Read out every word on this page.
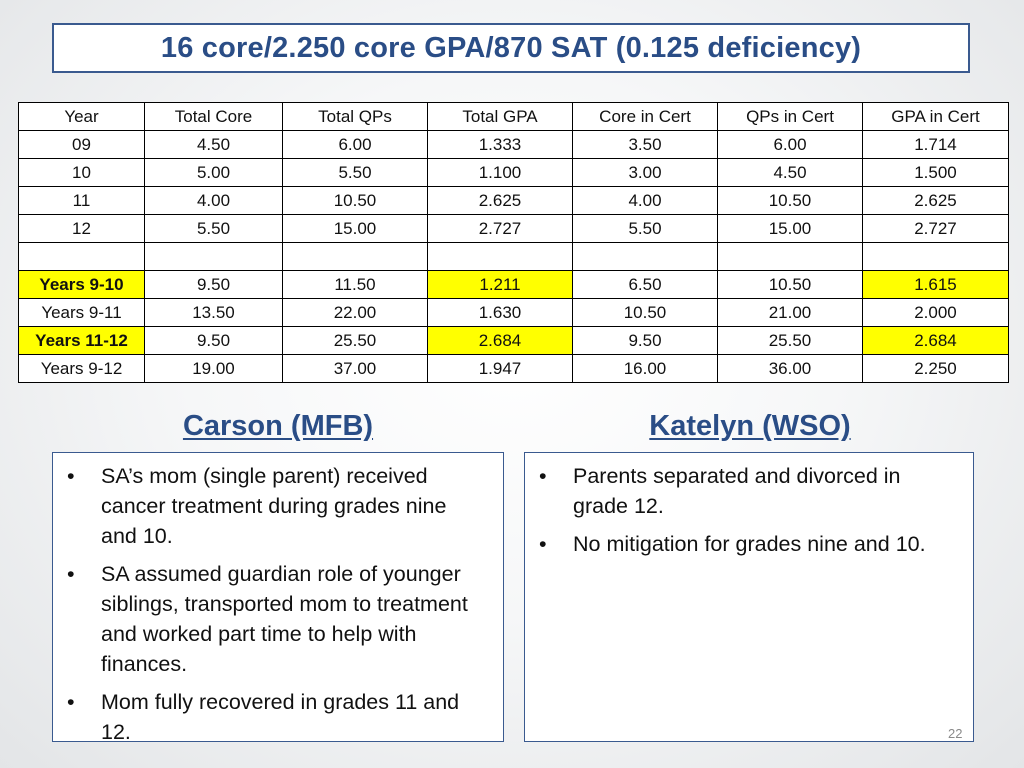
16 core/2.250 core GPA/870 SAT (0.125 deficiency)
Year	Total Core	Total QPs	Total GPA	Core in Cert	QPs in Cert	GPA in Cert
09	4.50	6.00	1.333	3.50	6.00	1.714
10	5.00	5.50	1.100	3.00	4.50	1.500
11	4.00	10.50	2.625	4.00	10.50	2.625
12	5.50	15.00	2.727	5.50	15.00	2.727

Years 9-10	9.50	11.50	1.211	6.50	10.50	1.615
Years 9-11	13.50	22.00	1.630	10.50	21.00	2.000
Years 11-12	9.50	25.50	2.684	9.50	25.50	2.684
Years 9-12	19.00	37.00	1.947	16.00	36.00	2.250
Carson (MFB)	Katelyn (WSO)
• SA’s mom (single parent) received cancer treatment during grades nine and 10.
• SA assumed guardian role of younger siblings, transported mom to treatment and worked part time to help with finances.
• Mom fully recovered in grades 11 and 12.
• Parents separated and divorced in grade 12.
• No mitigation for grades nine and 10.
22
